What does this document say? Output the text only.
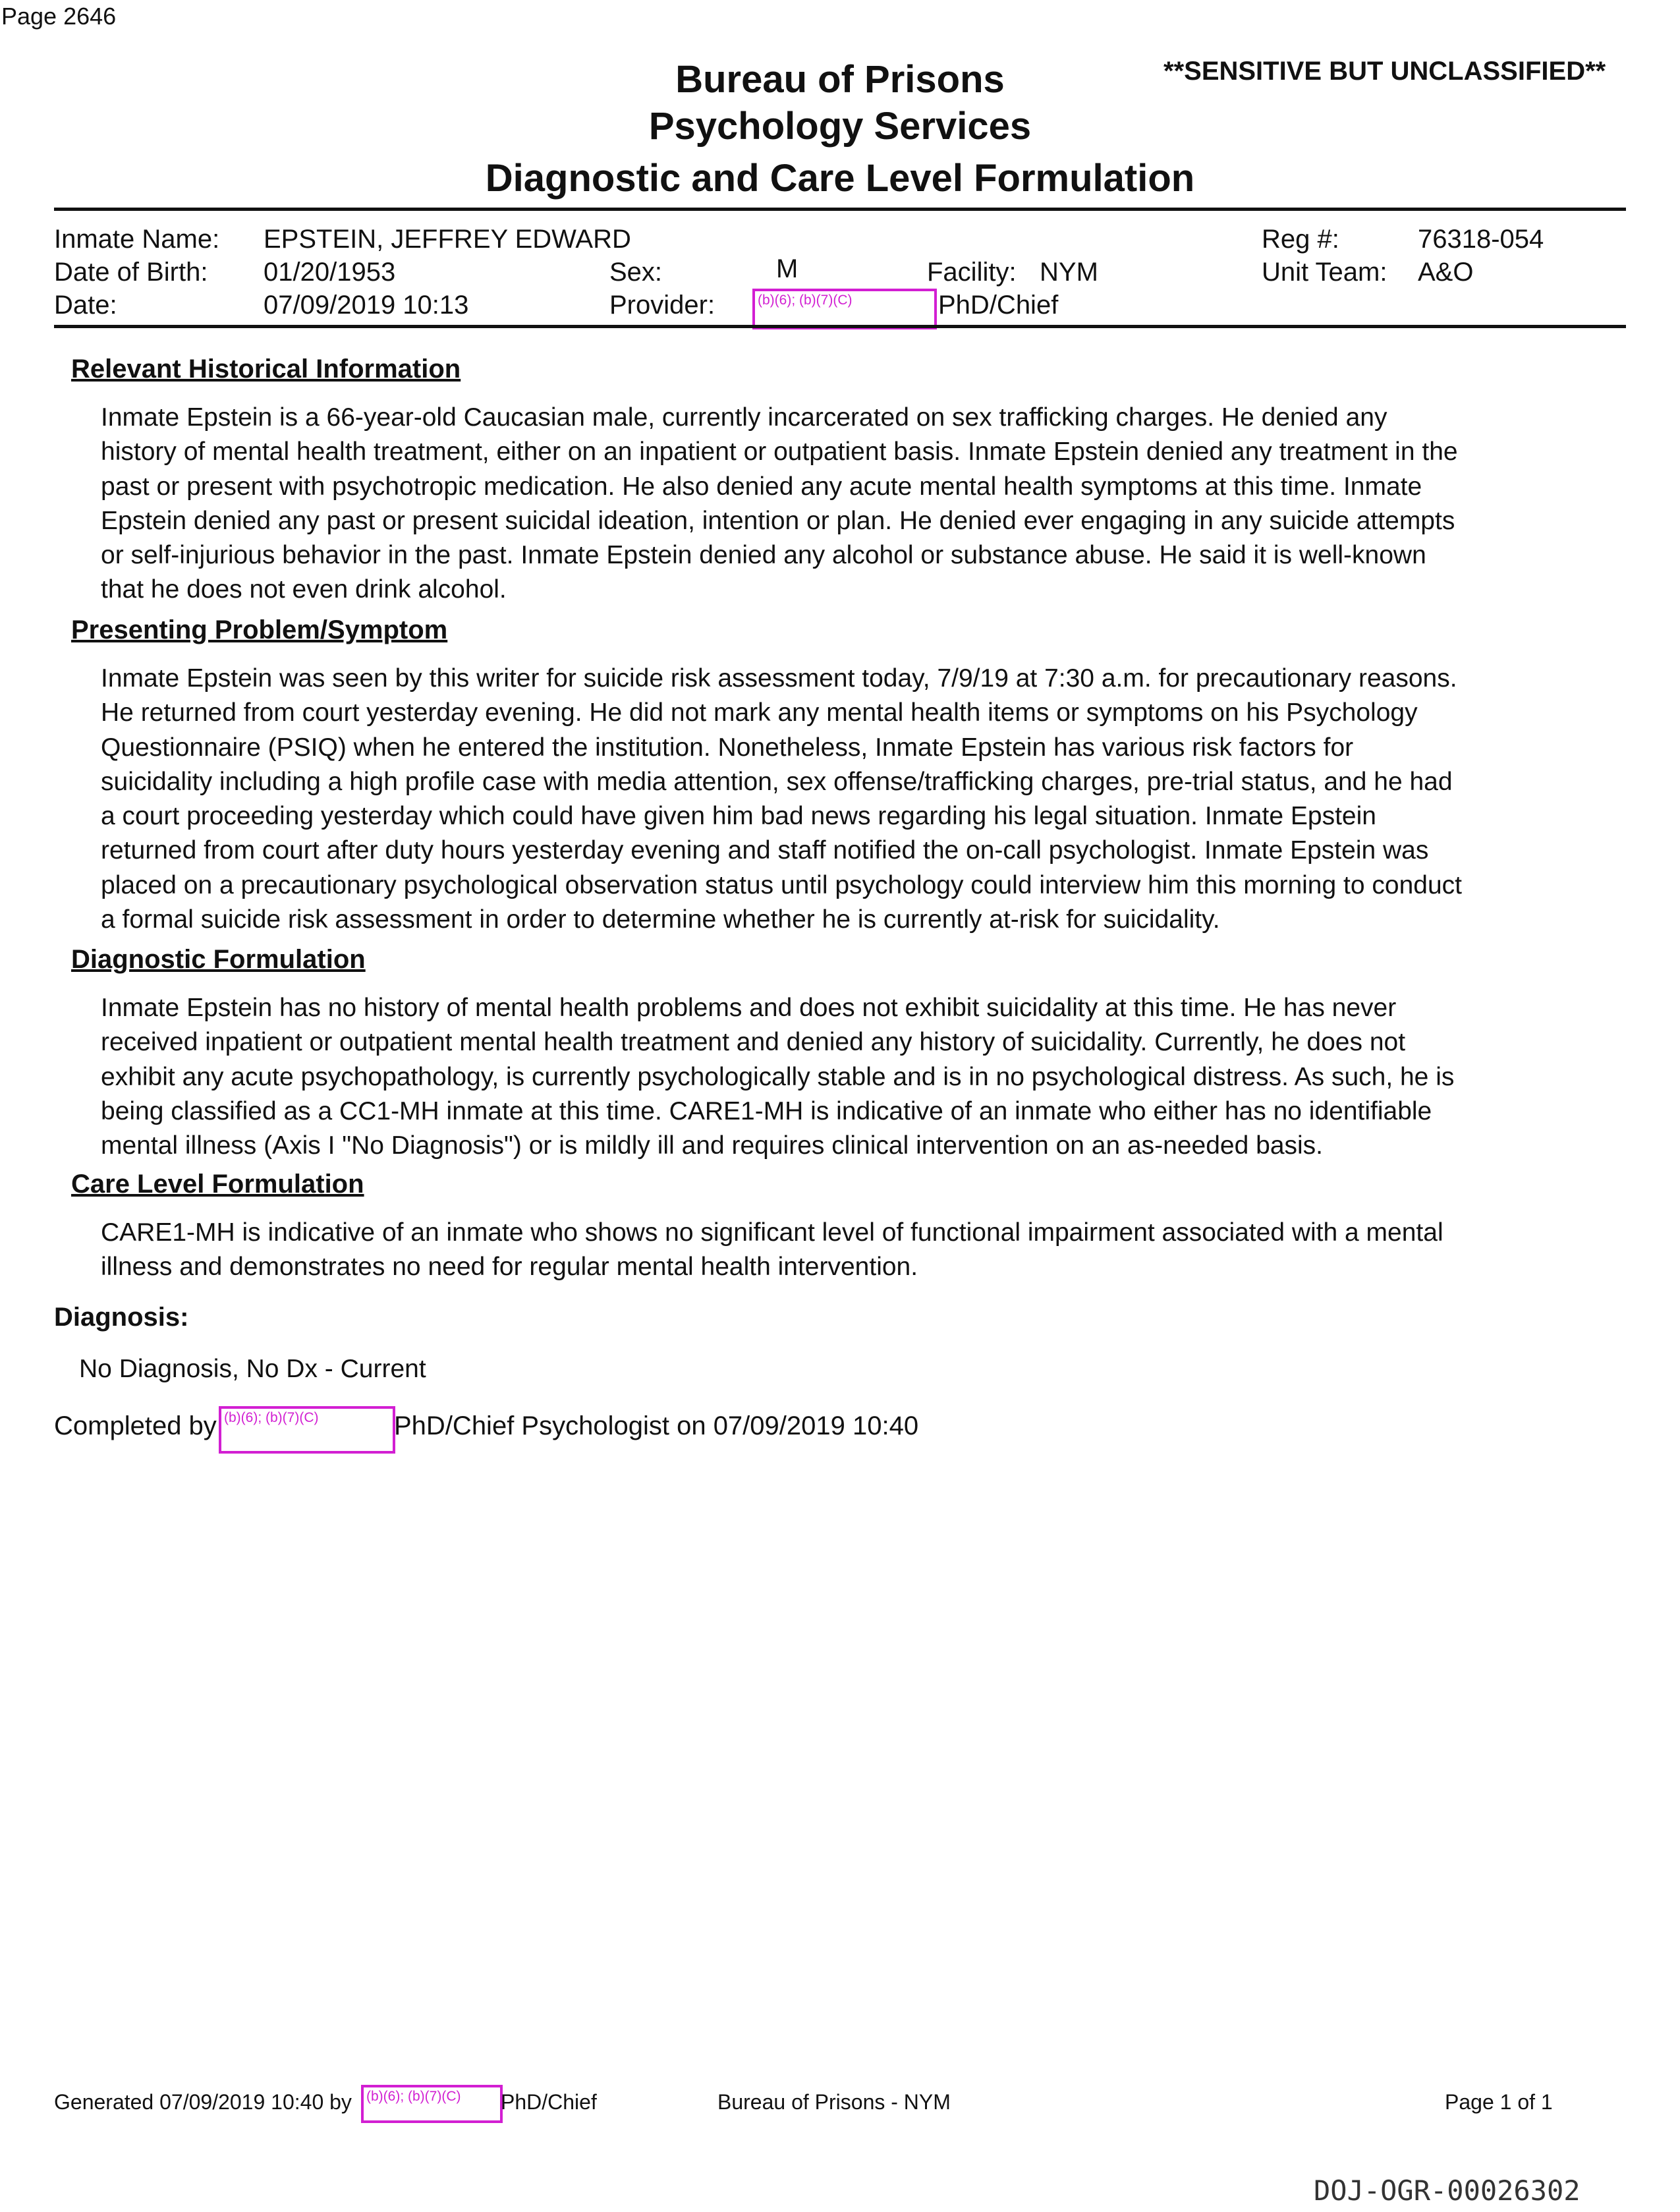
Page 2646
Bureau of Prisons
Psychology Services
Diagnostic and Care Level Formulation
**SENSITIVE BUT UNCLASSIFIED**
Inmate Name: EPSTEIN, JEFFREY EDWARD	Reg #:	76318-054
Date of Birth: 01/20/1953	Sex:	M	Facility: NYM	Unit Team: A&O
Date:	07/09/2019 10:13	Provider:	(b)(6); (b)(7)(C)	PhD/Chief
Relevant Historical Information
Inmate Epstein is a 66-year-old Caucasian male, currently incarcerated on sex trafficking charges. He denied any
history of mental health treatment, either on an inpatient or outpatient basis. Inmate Epstein denied any treatment in the
past or present with psychotropic medication. He also denied any acute mental health symptoms at this time. Inmate
Epstein denied any past or present suicidal ideation, intention or plan. He denied ever engaging in any suicide attempts
or self-injurious behavior in the past. Inmate Epstein denied any alcohol or substance abuse. He said it is well-known
that he does not even drink alcohol.
Presenting Problem/Symptom
Inmate Epstein was seen by this writer for suicide risk assessment today, 7/9/19 at 7:30 a.m. for precautionary reasons.
He returned from court yesterday evening. He did not mark any mental health items or symptoms on his Psychology
Questionnaire (PSIQ) when he entered the institution. Nonetheless, Inmate Epstein has various risk factors for
suicidality including a high profile case with media attention, sex offense/trafficking charges, pre-trial status, and he had
a court proceeding yesterday which could have given him bad news regarding his legal situation. Inmate Epstein
returned from court after duty hours yesterday evening and staff notified the on-call psychologist. Inmate Epstein was
placed on a precautionary psychological observation status until psychology could interview him this morning to conduct
a formal suicide risk assessment in order to determine whether he is currently at-risk for suicidality.
Diagnostic Formulation
Inmate Epstein has no history of mental health problems and does not exhibit suicidality at this time. He has never
received inpatient or outpatient mental health treatment and denied any history of suicidality. Currently, he does not
exhibit any acute psychopathology, is currently psychologically stable and is in no psychological distress. As such, he is
being classified as a CC1-MH inmate at this time. CARE1-MH is indicative of an inmate who either has no identifiable
mental illness (Axis I "No Diagnosis") or is mildly ill and requires clinical intervention on an as-needed basis.
Care Level Formulation
CARE1-MH is indicative of an inmate who shows no significant level of functional impairment associated with a mental
illness and demonstrates no need for regular mental health intervention.
Diagnosis:
No Diagnosis, No Dx - Current
Completed by (b)(6); (b)(7)(C)	PhD/Chief Psychologist on 07/09/2019 10:40
Generated 07/09/2019 10:40 by (b)(6); (b)(7)(C) PhD/Chief	Bureau of Prisons - NYM	Page 1 of 1
DOJ-OGR-00026302
